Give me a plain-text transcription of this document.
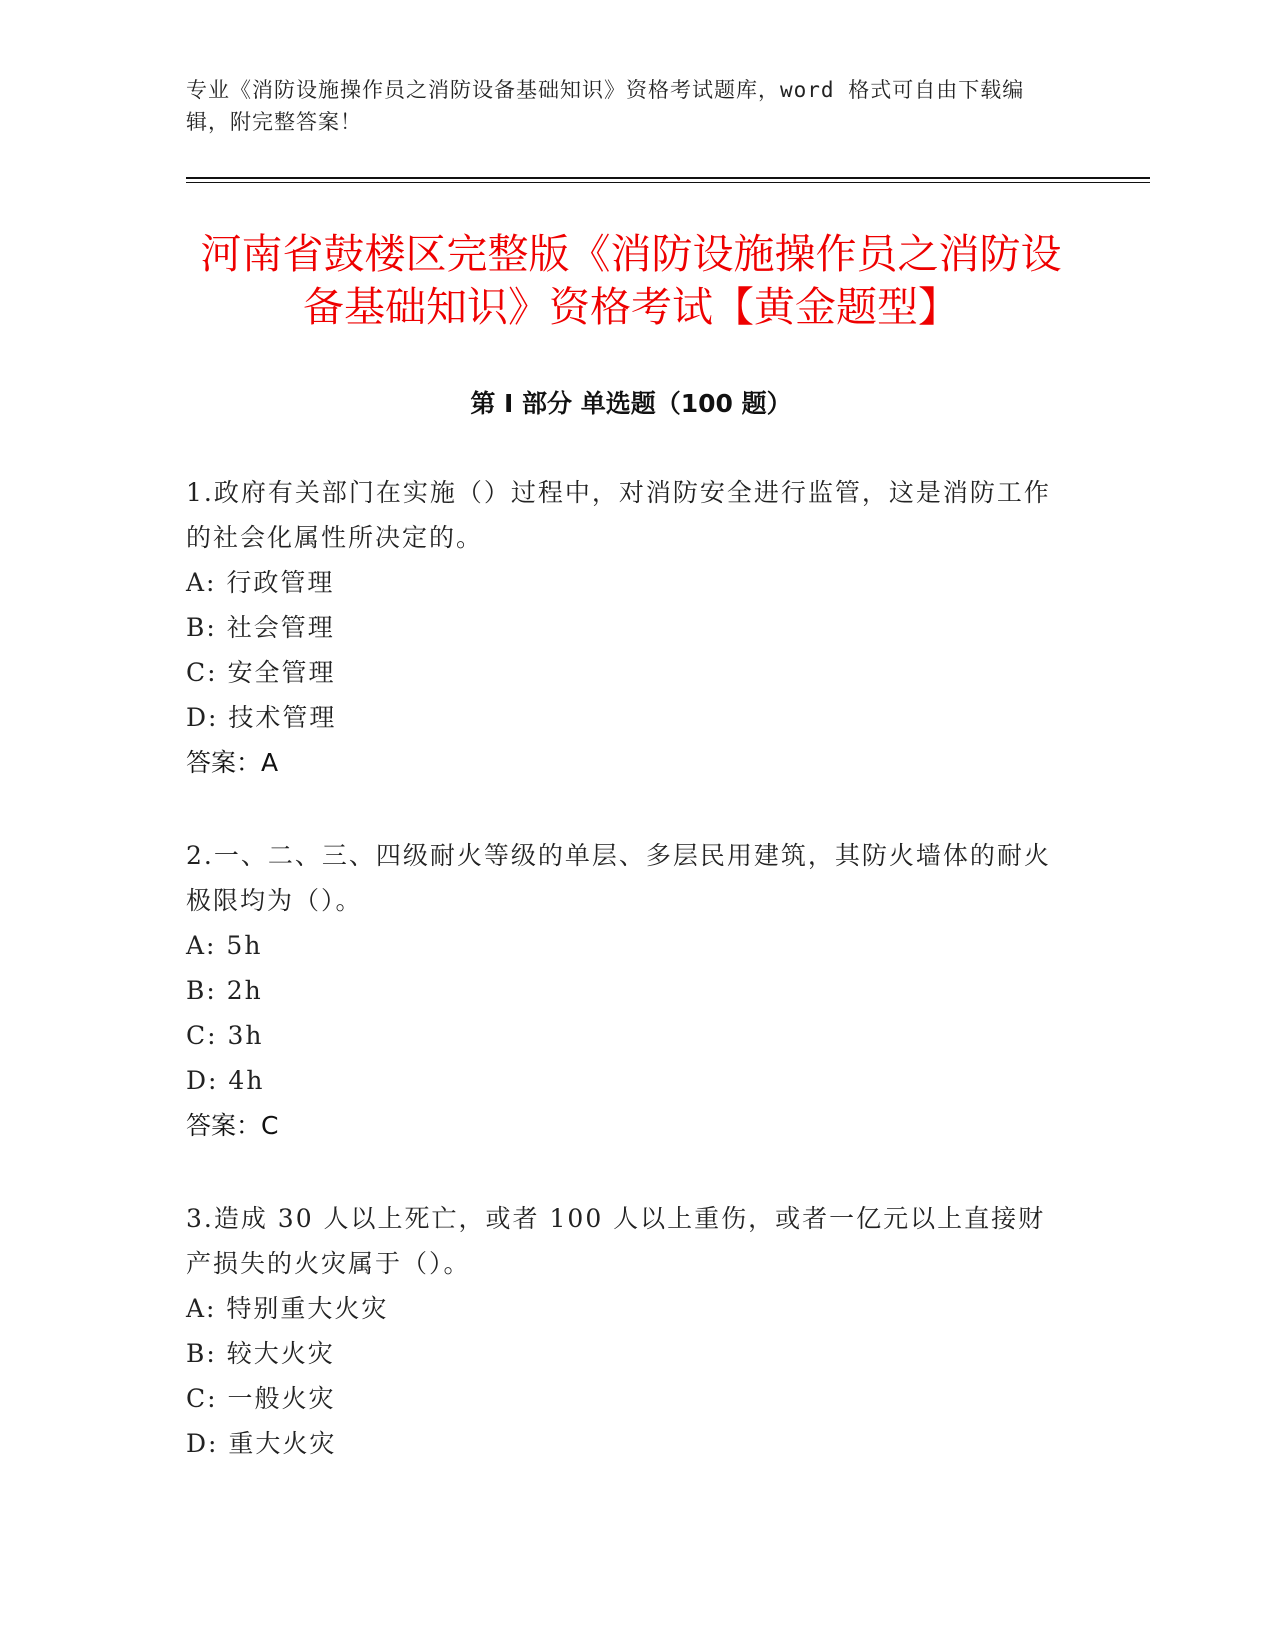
专业《消防设施操作员之消防设备基础知识》资格考试题库，word 格式可自由下载编辑，附完整答案！
河南省鼓楼区完整版《消防设施操作员之消防设备基础知识》资格考试【黄金题型】
第 I 部分 单选题（100 题）
1.政府有关部门在实施（）过程中，对消防安全进行监管，这是消防工作的社会化属性所决定的。
A: 行政管理
B: 社会管理
C: 安全管理
D: 技术管理
答案：A
2.一、二、三、四级耐火等级的单层、多层民用建筑，其防火墙体的耐火极限均为（）。
A: 5h
B: 2h
C: 3h
D: 4h
答案：C
3.造成 30 人以上死亡，或者 100 人以上重伤，或者一亿元以上直接财产损失的火灾属于（）。
A: 特别重大火灾
B: 较大火灾
C: 一般火灾
D: 重大火灾
